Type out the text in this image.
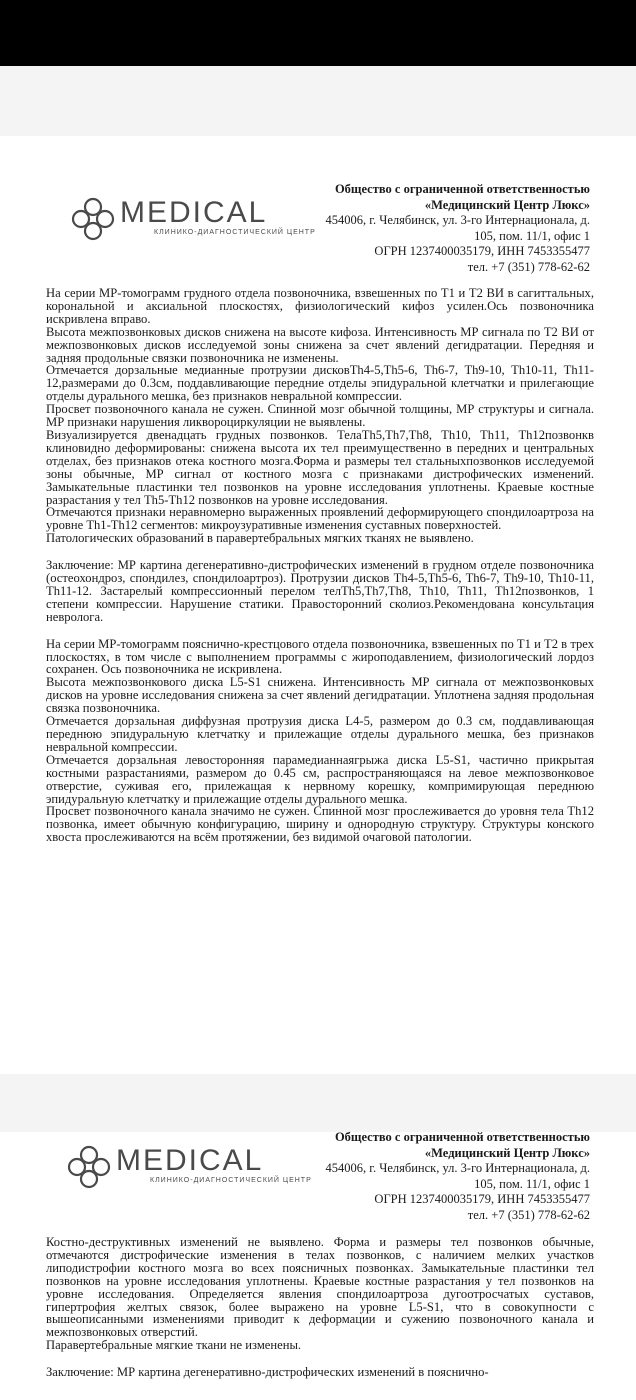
MEDICAL
КЛИНИКО-ДИАГНОСТИЧЕСКИЙ ЦЕНТР
Общество с ограниченной ответственностью
«Медицинский Центр Люкс»
454006, г. Челябинск, ул. 3-го Интернационала, д.
105, пом. 11/1, офис 1
ОГРН 1237400035179, ИНН 7453355477
тел. +7 (351) 778-62-62

На серии МР-томограмм грудного отдела позвоночника, взвешенных по T1 и T2 ВИ в сагиттальных, корональной и аксиальной плоскостях, физиологический кифоз усилен.Ось позвоночника искривлена вправо.

Высота межпозвонковых дисков снижена на высоте кифоза. Интенсивность МР сигнала по T2 ВИ от межпозвонковых дисков исследуемой зоны снижена за счет явлений дегидратации. Передняя и задняя продольные связки позвоночника не изменены.

Отмечается дорзальные медианные протрузии дисковTh4-5,Th5-6, Th6-7, Th9-10, Th10-11, Th11-12,размерами до 0.3см, поддавливающие передние отделы эпидуральной клетчатки и прилегающие отделы дурального мешка, без признаков невральной компрессии.

Просвет позвоночного канала не сужен. Спинной мозг обычной толщины, МР структуры и сигнала. МР признаки нарушения ликвороциркуляции не выявлены.

Визуализируется двенадцать грудных позвонков. ТелаTh5,Th7,Th8, Th10, Th11, Th12позвонкв клиновидно деформированы: снижена высота их тел преимущественно в передних и центральных отделах, без признаков отека костного мозга.Форма и размеры тел стальныхпозвонков исследуемой зоны обычные, МР сигнал от костного мозга с признаками дистрофических изменений. Замыкательные пластинки тел позвонков на уровне исследования уплотнены. Краевые костные разрастания у тел Th5-Th12 позвонков на уровне исследования.

Отмечаются признаки неравномерно выраженных проявлений деформирующего спондилоартроза на уровне Th1-Th12 сегментов: микроузуративные изменения суставных поверхностей.

Патологических образований в паравертебральных мягких тканях не выявлено.

Заключение: МР картина дегенеративно-дистрофических изменений в грудном отделе позвоночника (остеохондроз, спондилез, спондилоартроз). Протрузии дисков Th4-5,Th5-6, Th6-7, Th9-10, Th10-11, Th11-12. Застарелый компрессионный перелом телTh5,Th7,Th8, Th10, Th11, Th12позвонков, 1 степени компрессии. Нарушение статики. Правосторонний сколиоз.Рекомендована консультация невролога.

На серии МР-томограмм пояснично-крестцового отдела позвоночника, взвешенных по T1 и T2 в трех плоскостях, в том числе с выполнением программы с жироподавлением, физиологический лордоз сохранен. Ось позвоночника не искривлена.

Высота межпозвонкового диска L5-S1 снижена. Интенсивность МР сигнала от межпозвонковых дисков на уровне исследования снижена за счет явлений дегидратации. Уплотнена задняя продольная связка позвоночника.

Отмечается дорзальная диффузная протрузия диска L4-5, размером до 0.3 см, поддавливающая переднюю эпидуральную клетчатку и прилежащие отделы дурального мешка, без признаков невральной компрессии.

Отмечается дорзальная левосторонняя парамедианнаягрыжа диска L5-S1, частично прикрытая костными разрастаниями, размером до 0.45 см, распространяющаяся на левое межпозвонковое отверстие, суживая его, прилежащая к нервному корешку, компримирующая переднюю эпидуральную клетчатку и прилежащие отделы дурального мешка.

Просвет позвоночного канала значимо не сужен. Спинной мозг прослеживается до уровня тела Th12 позвонка, имеет обычную конфигурацию, ширину и однородную структуру. Структуры конского хвоста прослеживаются на всём протяжении, без видимой очаговой патологии.

MEDICAL
КЛИНИКО-ДИАГНОСТИЧЕСКИЙ ЦЕНТР
Общество с ограниченной ответственностью
«Медицинский Центр Люкс»
454006, г. Челябинск, ул. 3-го Интернационала, д.
105, пом. 11/1, офис 1
ОГРН 1237400035179, ИНН 7453355477
тел. +7 (351) 778-62-62

Костно-деструктивных изменений не выявлено. Форма и размеры тел позвонков обычные, отмечаются дистрофические изменения в телах позвонков, с наличием мелких участков липодистрофии костного мозга во всех поясничных позвонках. Замыкательные пластинки тел позвонков на уровне исследования уплотнены. Краевые костные разрастания у тел позвонков на уровне исследования. Определяется явления спондилоартроза дугоотросчатых суставов, гипертрофия желтых связок, более выражено на уровне L5-S1, что в совокупности с вышеописанными изменениями приводит к деформации и сужению позвоночного канала и межпозвонковых отверстий.

Паравертебральные мягкие ткани не изменены.

Заключение: МР картина дегенеративно-дистрофических изменений в пояснично-
